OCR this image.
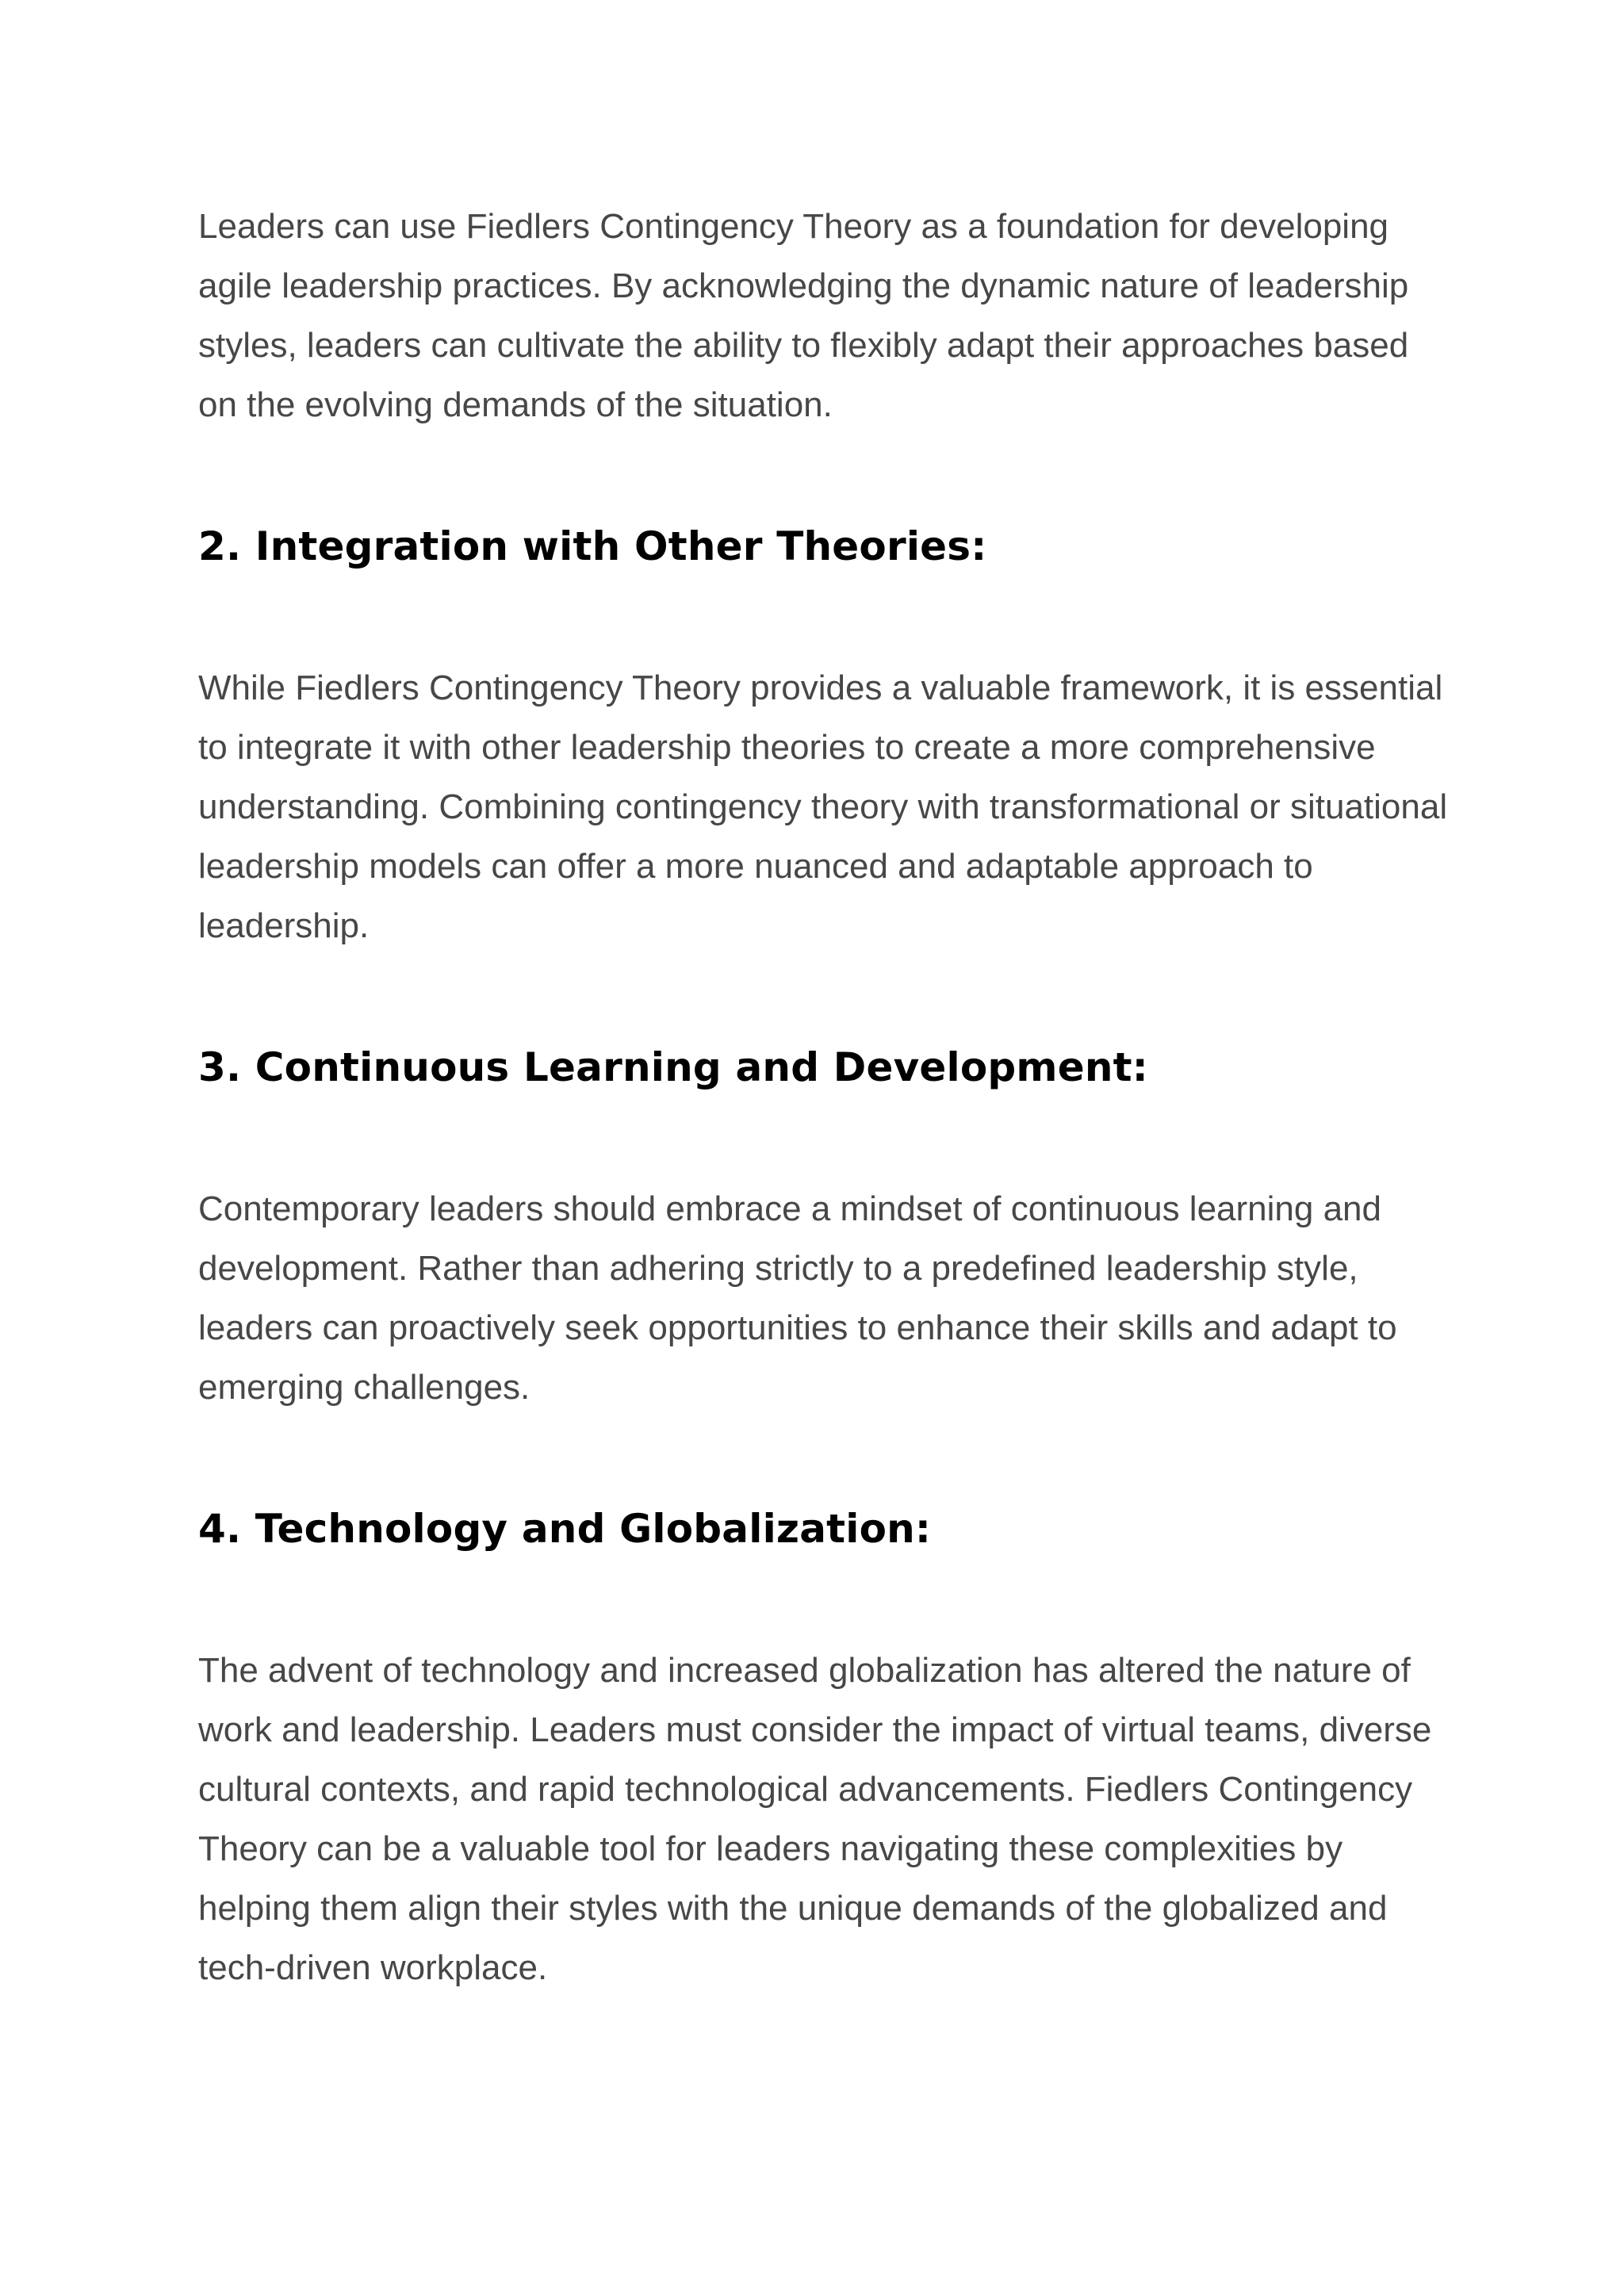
Leaders can use Fiedlers Contingency Theory as a foundation for developing agile leadership practices. By acknowledging the dynamic nature of leadership styles, leaders can cultivate the ability to flexibly adapt their approaches based on the evolving demands of the situation.

2. Integration with Other Theories:

While Fiedlers Contingency Theory provides a valuable framework, it is essential to integrate it with other leadership theories to create a more comprehensive understanding. Combining contingency theory with transformational or situational leadership models can offer a more nuanced and adaptable approach to leadership.

3. Continuous Learning and Development:

Contemporary leaders should embrace a mindset of continuous learning and development. Rather than adhering strictly to a predefined leadership style, leaders can proactively seek opportunities to enhance their skills and adapt to emerging challenges.

4. Technology and Globalization:

The advent of technology and increased globalization has altered the nature of work and leadership. Leaders must consider the impact of virtual teams, diverse cultural contexts, and rapid technological advancements. Fiedlers Contingency Theory can be a valuable tool for leaders navigating these complexities by helping them align their styles with the unique demands of the globalized and tech-driven workplace.
